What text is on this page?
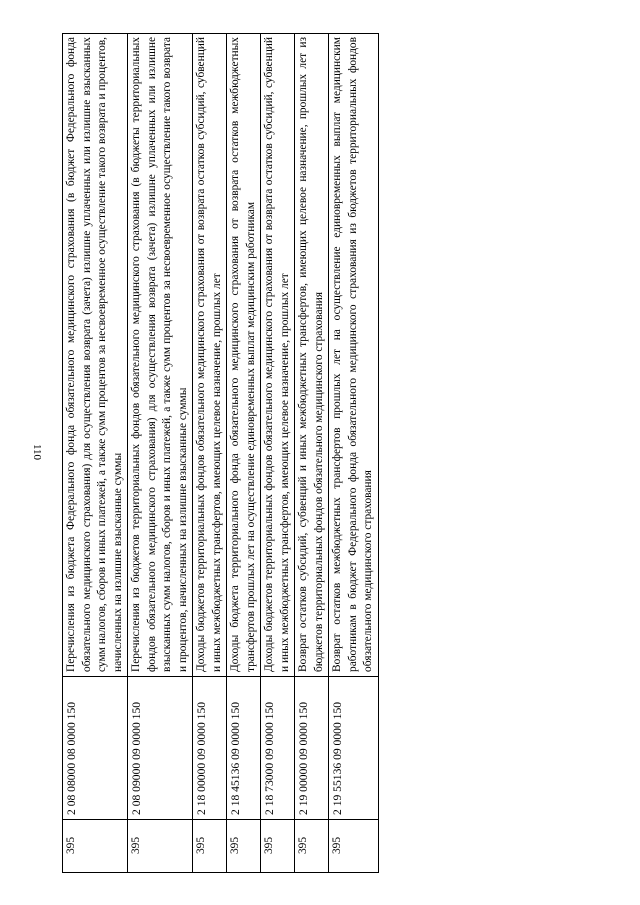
110
395	2 08 08000 08 0000 150	Перечисления из бюджета Федерального фонда обязательного медицинского страхования (в бюджет Федерального фонда обязательного медицинского страхования) для осуществления возврата (зачета) излишне уплаченных или излишне взысканных сумм налогов, сборов и иных платежей, а также сумм процентов за несвоевременное осуществление такого возврата и процентов, начисленных на излишне взысканные суммы
395	2 08 09000 09 0000 150	Перечисления из бюджетов территориальных фондов обязательного медицинского страхования (в бюджеты территориальных фондов обязательного медицинского страхования) для осуществления возврата (зачета) излишне уплаченных или излишне взысканных сумм налогов, сборов и иных платежей, а также сумм процентов за несвоевременное осуществление такого возврата и процентов, начисленных на излишне взысканные суммы
395	2 18 00000 09 0000 150	Доходы бюджетов территориальных фондов обязательного медицинского страхования от возврата остатков субсидий, субвенций и иных межбюджетных трансфертов, имеющих целевое назначение, прошлых лет
395	2 18 45136 09 0000 150	Доходы бюджета территориального фонда обязательного медицинского страхования от возврата остатков межбюджетных трансфертов прошлых лет на осуществление единовременных выплат медицинским работникам
395	2 18 73000 09 0000 150	Доходы бюджетов территориальных фондов обязательного медицинского страхования от возврата остатков субсидий, субвенций и иных межбюджетных трансфертов, имеющих целевое назначение, прошлых лет
395	2 19 00000 09 0000 150	Возврат остатков субсидий, субвенций и иных межбюджетных трансфертов, имеющих целевое назначение, прошлых лет из бюджетов территориальных фондов обязательного медицинского страхования
395	2 19 55136 09 0000 150	Возврат остатков межбюджетных трансфертов прошлых лет на осуществление единовременных выплат медицинским работникам в бюджет Федерального фонда обязательного медицинского страхования из бюджетов территориальных фондов обязательного медицинского страхования
